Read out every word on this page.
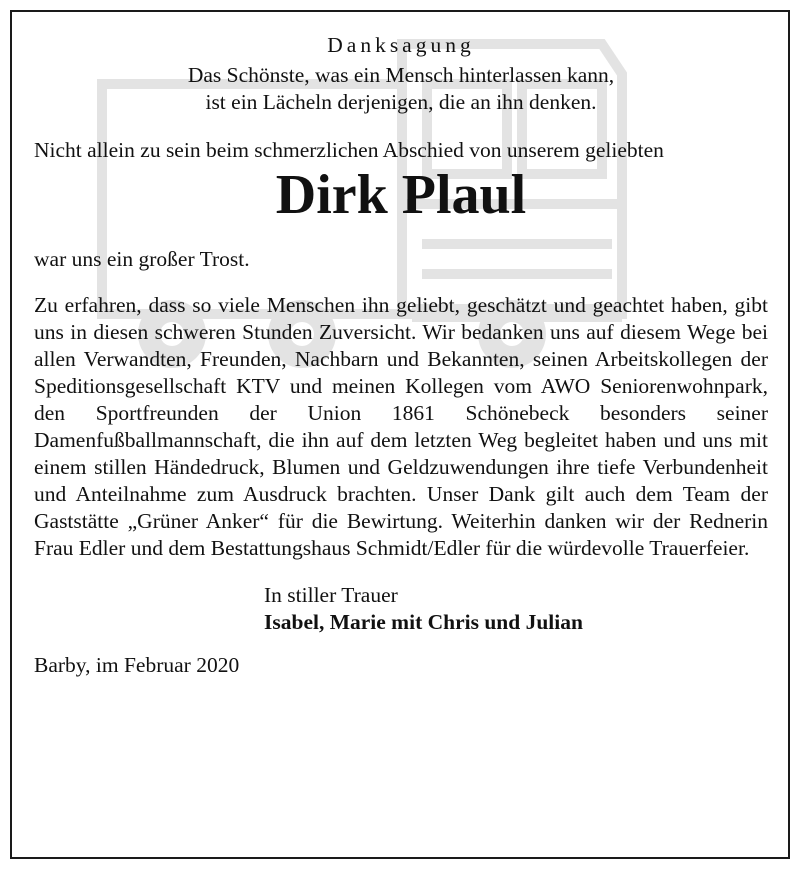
Danksagung

Das Schönste, was ein Mensch hinterlassen kann,

ist ein Lächeln derjenigen, die an ihn denken.

Nicht allein zu sein beim schmerzlichen Abschied von unserem geliebten

Dirk Plaul

war uns ein großer Trost.

Zu erfahren, dass so viele Menschen ihn geliebt, geschätzt und geachtet haben, gibt uns in diesen schweren Stunden Zuversicht. Wir bedanken uns auf diesem Wege bei allen Verwandten, Freunden, Nachbarn und Bekannten, seinen Arbeitskollegen der Speditionsgesellschaft KTV und meinen Kollegen vom AWO Seniorenwohnpark, den Sportfreunden der Union 1861 Schönebeck besonders seiner Damenfußballmannschaft, die ihn auf dem letzten Weg begleitet haben und uns mit einem stillen Händedruck, Blumen und Geldzuwendungen ihre tiefe Verbundenheit und Anteilnahme zum Ausdruck brachten. Unser Dank gilt auch dem Team der Gaststätte „Grüner Anker“ für die Bewirtung. Weiterhin danken wir der Rednerin Frau Edler und dem Bestattungshaus Schmidt/Edler für die würdevolle Trauerfeier.

In stiller Trauer
Isabel, Marie mit Chris und Julian

Barby, im Februar 2020
